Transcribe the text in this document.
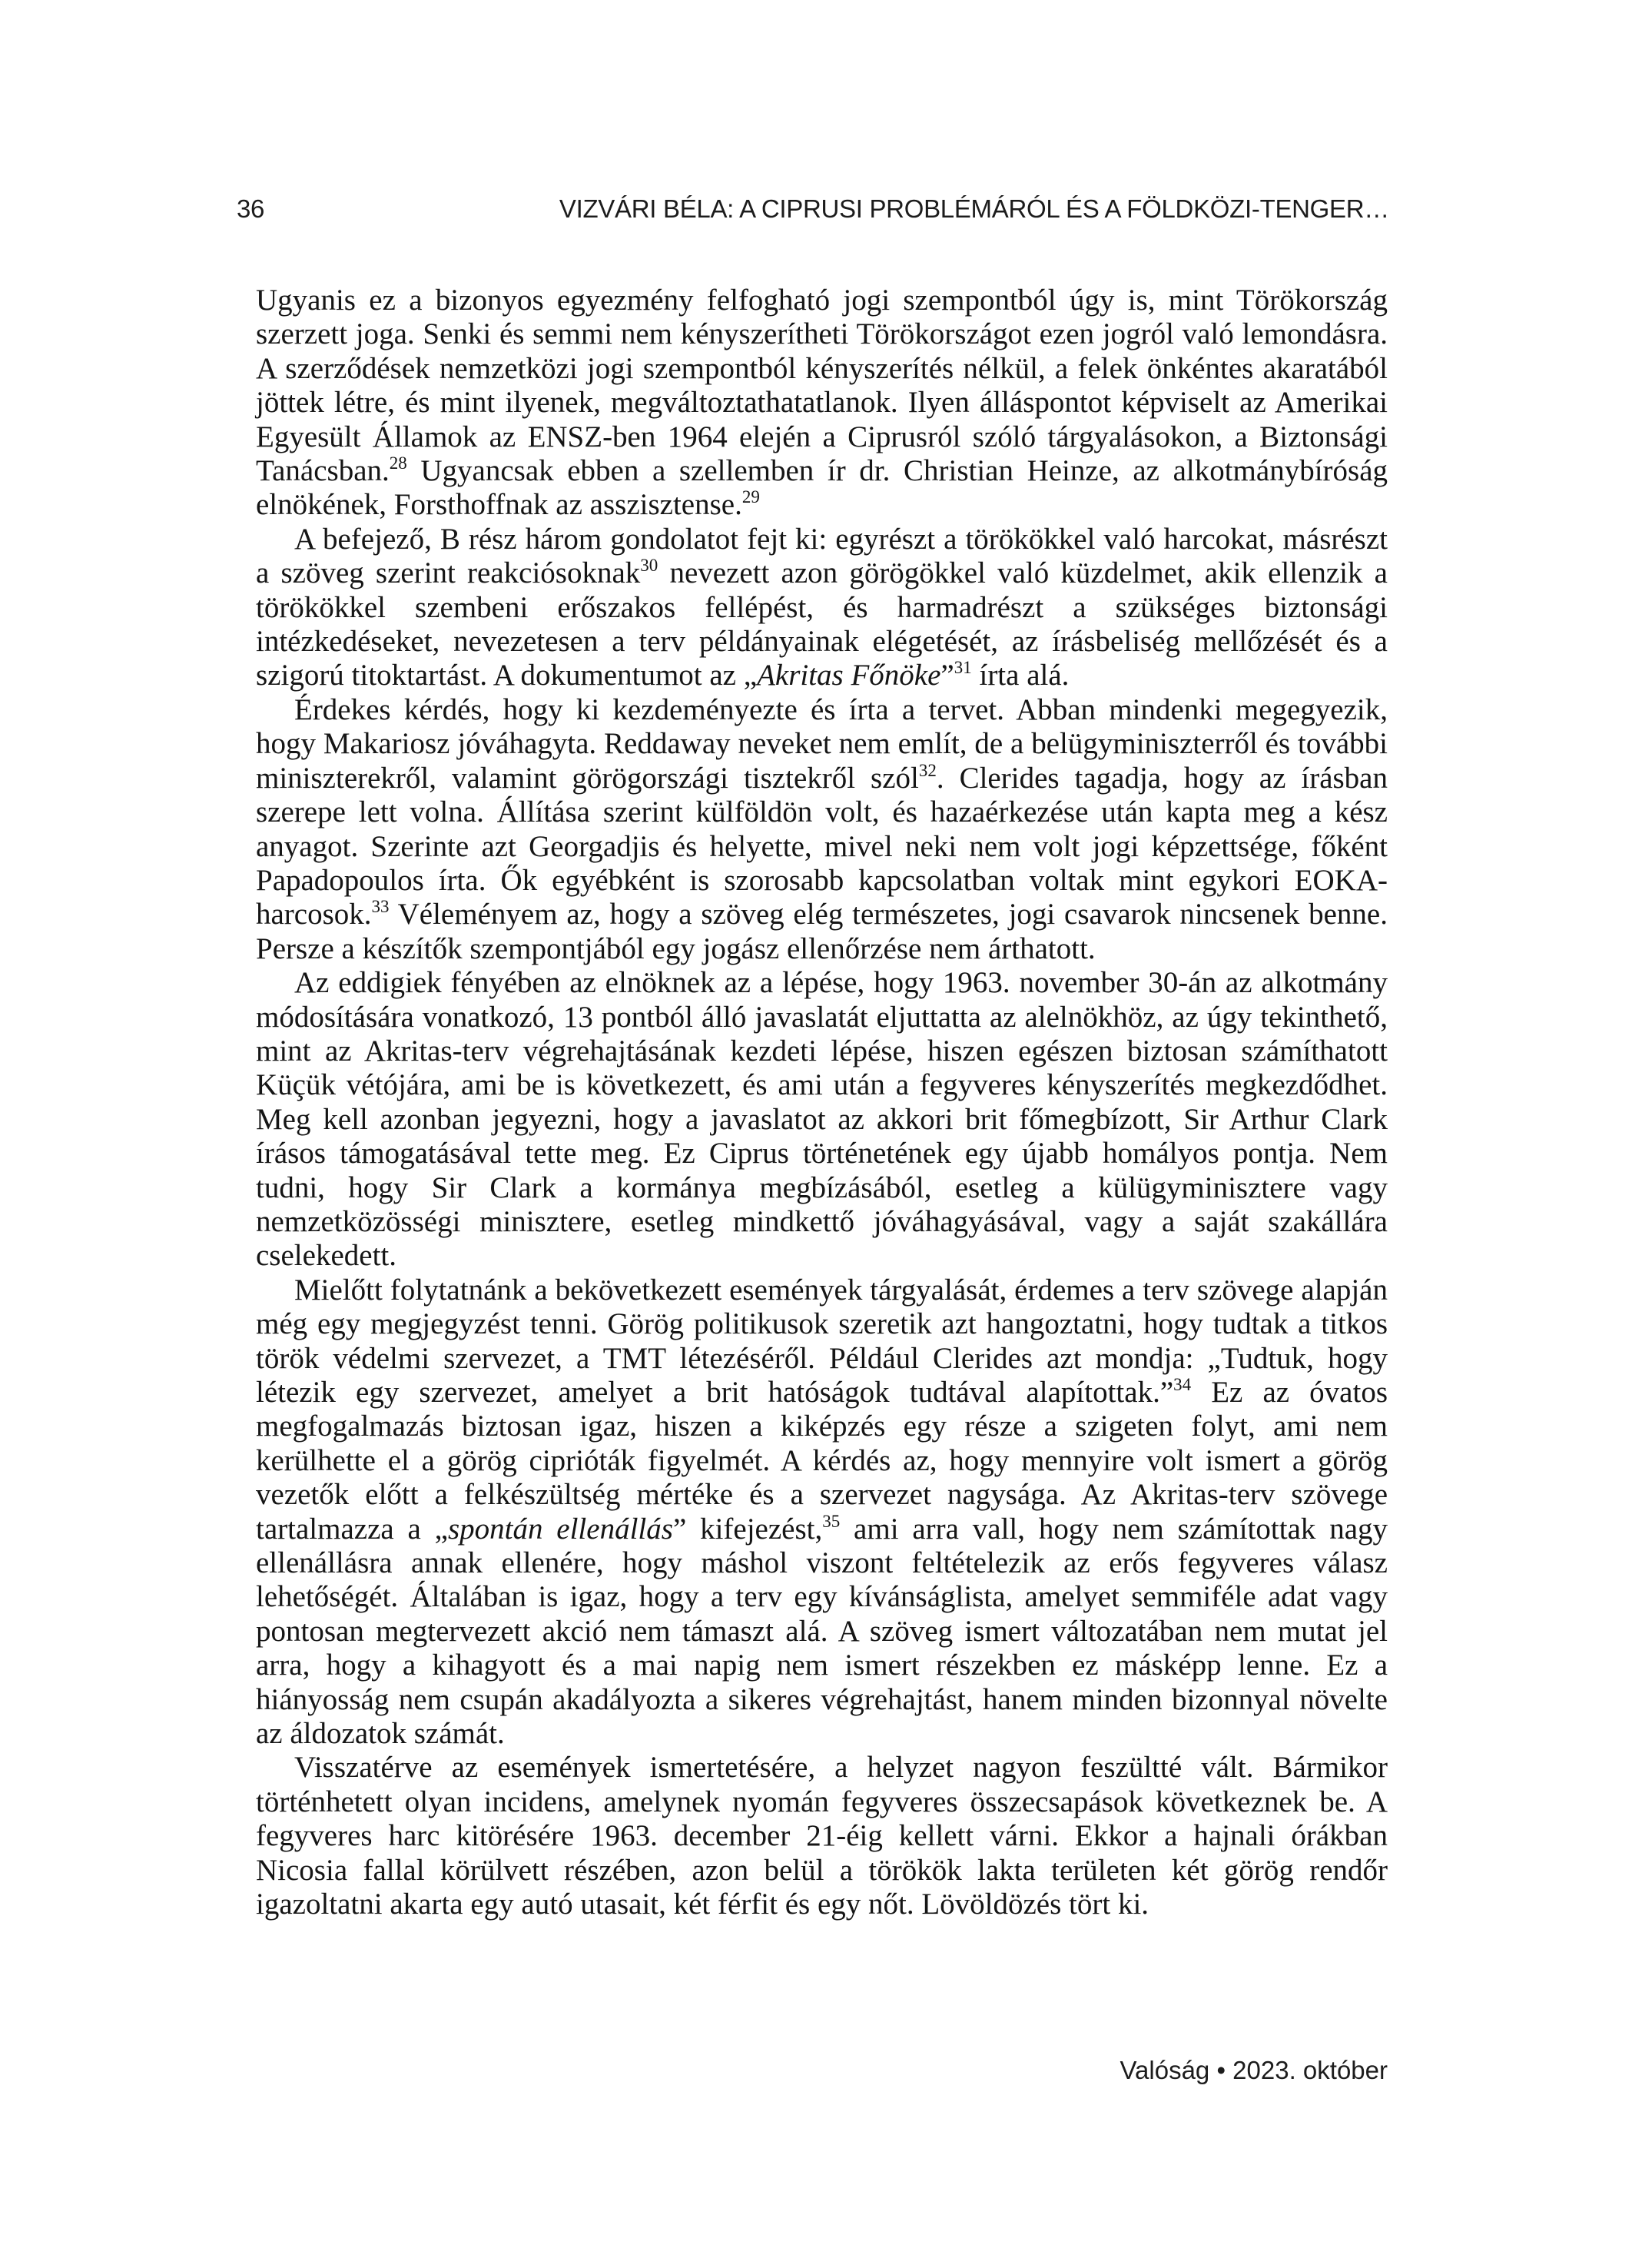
36	VIZVÁRI BÉLA: A CIPRUSI PROBLÉMÁRÓL ÉS A FÖLDKÖZI-TENGER…

Ugyanis ez a bizonyos egyezmény felfogható jogi szempontból úgy is, mint Törökország szerzett joga. Senki és semmi nem kényszerítheti Törökországot ezen jogról való lemondásra. A szerződések nemzetközi jogi szempontból kényszerítés nélkül, a felek önkéntes akaratából jöttek létre, és mint ilyenek, megváltoztathatatlanok. Ilyen álláspontot képviselt az Amerikai Egyesült Államok az ENSZ-ben 1964 elején a Ciprusról szóló tárgyalásokon, a Biztonsági Tanácsban.$^{28}$ Ugyancsak ebben a szellemben ír dr. Christian Heinze, az alkotmánybíróság elnökének, Forsthoffnak az asszisztense.$^{29}$

A befejező, B rész három gondolatot fejt ki: egyrészt a törökökkel való harcokat, másrészt a szöveg szerint reakciósoknak$^{30}$ nevezett azon görögökkel való küzdelmet, akik ellenzik a törökökkel szembeni erőszakos fellépést, és harmadrészt a szükséges biztonsági intézkedéseket, nevezetesen a terv példányainak elégetését, az írásbeliség mellőzését és a szigorú titoktartást. A dokumentumot az „Akritas Főnöke”$^{31}$ írta alá.

Érdekes kérdés, hogy ki kezdeményezte és írta a tervet. Abban mindenki megegyezik, hogy Makariosz jóváhagyta. Reddaway neveket nem említ, de a belügyminiszterről és további miniszterekről, valamint görögországi tisztekről szól$^{32}$. Clerides tagadja, hogy az írásban szerepe lett volna. Állítása szerint külföldön volt, és hazaérkezése után kapta meg a kész anyagot. Szerinte azt Georgadjis és helyette, mivel neki nem volt jogi képzettsége, főként Papadopoulos írta. Ők egyébként is szorosabb kapcsolatban voltak mint egykori EOKA-harcosok.$^{33}$ Véleményem az, hogy a szöveg elég természetes, jogi csavarok nincsenek benne. Persze a készítők szempontjából egy jogász ellenőrzése nem árthatott.

Az eddigiek fényében az elnöknek az a lépése, hogy 1963. november 30-án az alkotmány módosítására vonatkozó, 13 pontból álló javaslatát eljuttatta az alelnökhöz, az úgy tekinthető, mint az Akritas-terv végrehajtásának kezdeti lépése, hiszen egészen biztosan számíthatott Küçük vétójára, ami be is következett, és ami után a fegyveres kényszerítés megkezdődhet. Meg kell azonban jegyezni, hogy a javaslatot az akkori brit főmegbízott, Sir Arthur Clark írásos támogatásával tette meg. Ez Ciprus történetének egy újabb homályos pontja. Nem tudni, hogy Sir Clark a kormánya megbízásából, esetleg a külügyminisztere vagy nemzetközösségi minisztere, esetleg mindkettő jóváhagyásával, vagy a saját szakállára cselekedett.

Mielőtt folytatnánk a bekövetkezett események tárgyalását, érdemes a terv szövege alapján még egy megjegyzést tenni. Görög politikusok szeretik azt hangoztatni, hogy tudtak a titkos török védelmi szervezet, a TMT létezéséről. Például Clerides azt mondja: „Tudtuk, hogy létezik egy szervezet, amelyet a brit hatóságok tudtával alapítottak.”$^{34}$ Ez az óvatos megfogalmazás biztosan igaz, hiszen a kiképzés egy része a szigeten folyt, ami nem kerülhette el a görög ciprióták figyelmét. A kérdés az, hogy mennyire volt ismert a görög vezetők előtt a felkészültség mértéke és a szervezet nagysága. Az Akritas-terv szövege tartalmazza a „spontán ellenállás” kifejezést,$^{35}$ ami arra vall, hogy nem számítottak nagy ellenállásra annak ellenére, hogy máshol viszont feltételezik az erős fegyveres válasz lehetőségét. Általában is igaz, hogy a terv egy kívánságlista, amelyet semmiféle adat vagy pontosan megtervezett akció nem támaszt alá. A szöveg ismert változatában nem mutat jel arra, hogy a kihagyott és a mai napig nem ismert részekben ez másképp lenne. Ez a hiányosság nem csupán akadályozta a sikeres végrehajtást, hanem minden bizonnyal növelte az áldozatok számát.

Visszatérve az események ismertetésére, a helyzet nagyon feszültté vált. Bármikor történhetett olyan incidens, amelynek nyomán fegyveres összecsapások következnek be. A fegyveres harc kitörésére 1963. december 21-éig kellett várni. Ekkor a hajnali órákban Nicosia fallal körülvett részében, azon belül a törökök lakta területen két görög rendőr igazoltatni akarta egy autó utasait, két férfit és egy nőt. Lövöldözés tört ki.

Valóság • 2023. október
